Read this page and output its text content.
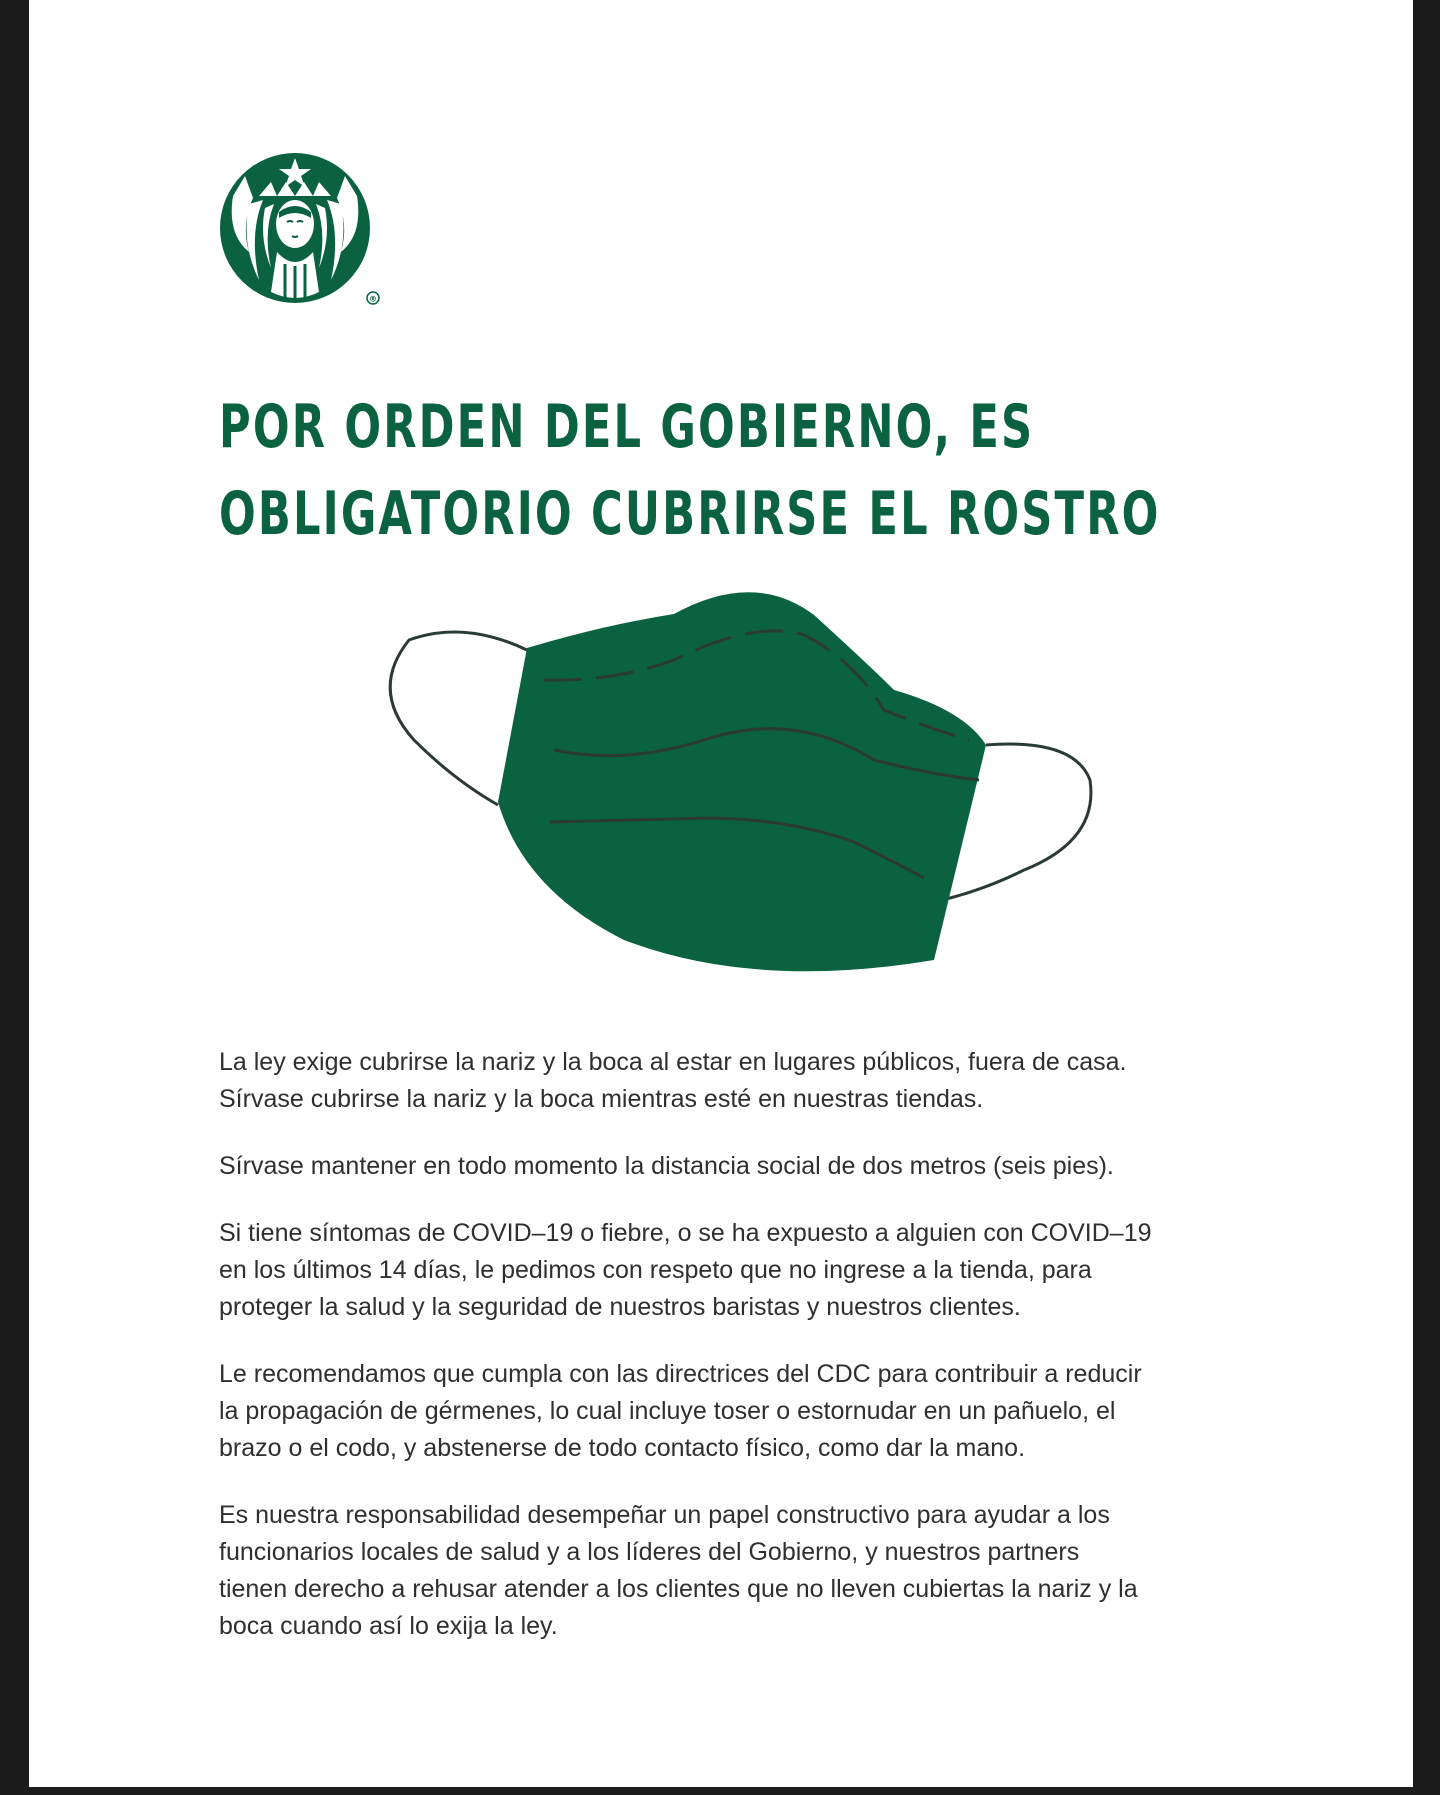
®
POR ORDEN DEL GOBIERNO, ES
OBLIGATORIO CUBRIRSE EL ROSTRO

La ley exige cubrirse la nariz y la boca al estar en lugares públicos, fuera de casa.
Sírvase cubrirse la nariz y la boca mientras esté en nuestras tiendas.

Sírvase mantener en todo momento la distancia social de dos metros (seis pies).

Si tiene síntomas de COVID–19 o fiebre, o se ha expuesto a alguien con COVID–19
en los últimos 14 días, le pedimos con respeto que no ingrese a la tienda, para
proteger la salud y la seguridad de nuestros baristas y nuestros clientes.

Le recomendamos que cumpla con las directrices del CDC para contribuir a reducir
la propagación de gérmenes, lo cual incluye toser o estornudar en un pañuelo, el
brazo o el codo, y abstenerse de todo contacto físico, como dar la mano.

Es nuestra responsabilidad desempeñar un papel constructivo para ayudar a los
funcionarios locales de salud y a los líderes del Gobierno, y nuestros partners
tienen derecho a rehusar atender a los clientes que no lleven cubiertas la nariz y la
boca cuando así lo exija la ley.
